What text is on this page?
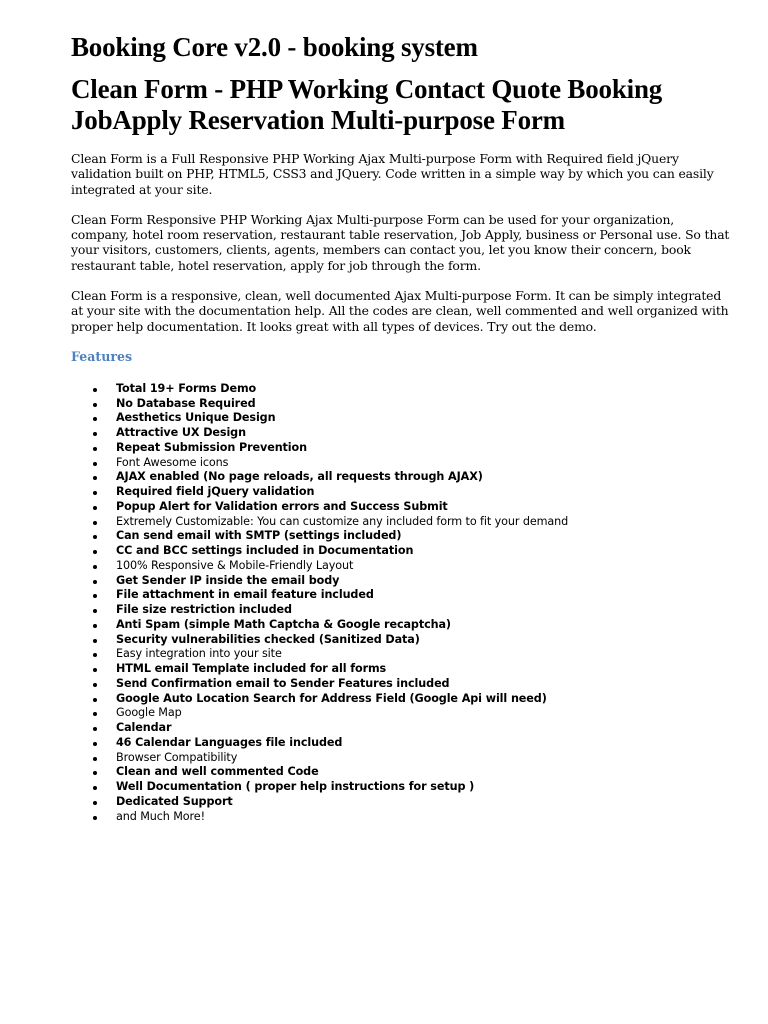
Booking Core v2.0 - booking system
Clean Form - PHP Working Contact Quote Booking JobApply Reservation Multi-purpose Form

Clean Form is a Full Responsive PHP Working Ajax Multi-purpose Form with Required field jQuery validation built on PHP, HTML5, CSS3 and JQuery. Code written in a simple way by which you can easily integrated at your site.

Clean Form Responsive PHP Working Ajax Multi-purpose Form can be used for your organization, company, hotel room reservation, restaurant table reservation, Job Apply, business or Personal use. So that your visitors, customers, clients, agents, members can contact you, let you know their concern, book restaurant table, hotel reservation, apply for job through the form.

Clean Form is a responsive, clean, well documented Ajax Multi-purpose Form. It can be simply integrated at your site with the documentation help. All the codes are clean, well commented and well organized with proper help documentation. It looks great with all types of devices. Try out the demo.

Features
Total 19+ Forms Demo
No Database Required
Aesthetics Unique Design
Attractive UX Design
Repeat Submission Prevention
Font Awesome icons
AJAX enabled (No page reloads, all requests through AJAX)
Required field jQuery validation
Popup Alert for Validation errors and Success Submit
Extremely Customizable: You can customize any included form to fit your demand
Can send email with SMTP (settings included)
CC and BCC settings included in Documentation
100% Responsive & Mobile-Friendly Layout
Get Sender IP inside the email body
File attachment in email feature included
File size restriction included
Anti Spam (simple Math Captcha & Google recaptcha)
Security vulnerabilities checked (Sanitized Data)
Easy integration into your site
HTML email Template included for all forms
Send Confirmation email to Sender Features included
Google Auto Location Search for Address Field (Google Api will need)
Google Map
Calendar
46 Calendar Languages file included
Browser Compatibility
Clean and well commented Code
Well Documentation ( proper help instructions for setup )
Dedicated Support
and Much More!
